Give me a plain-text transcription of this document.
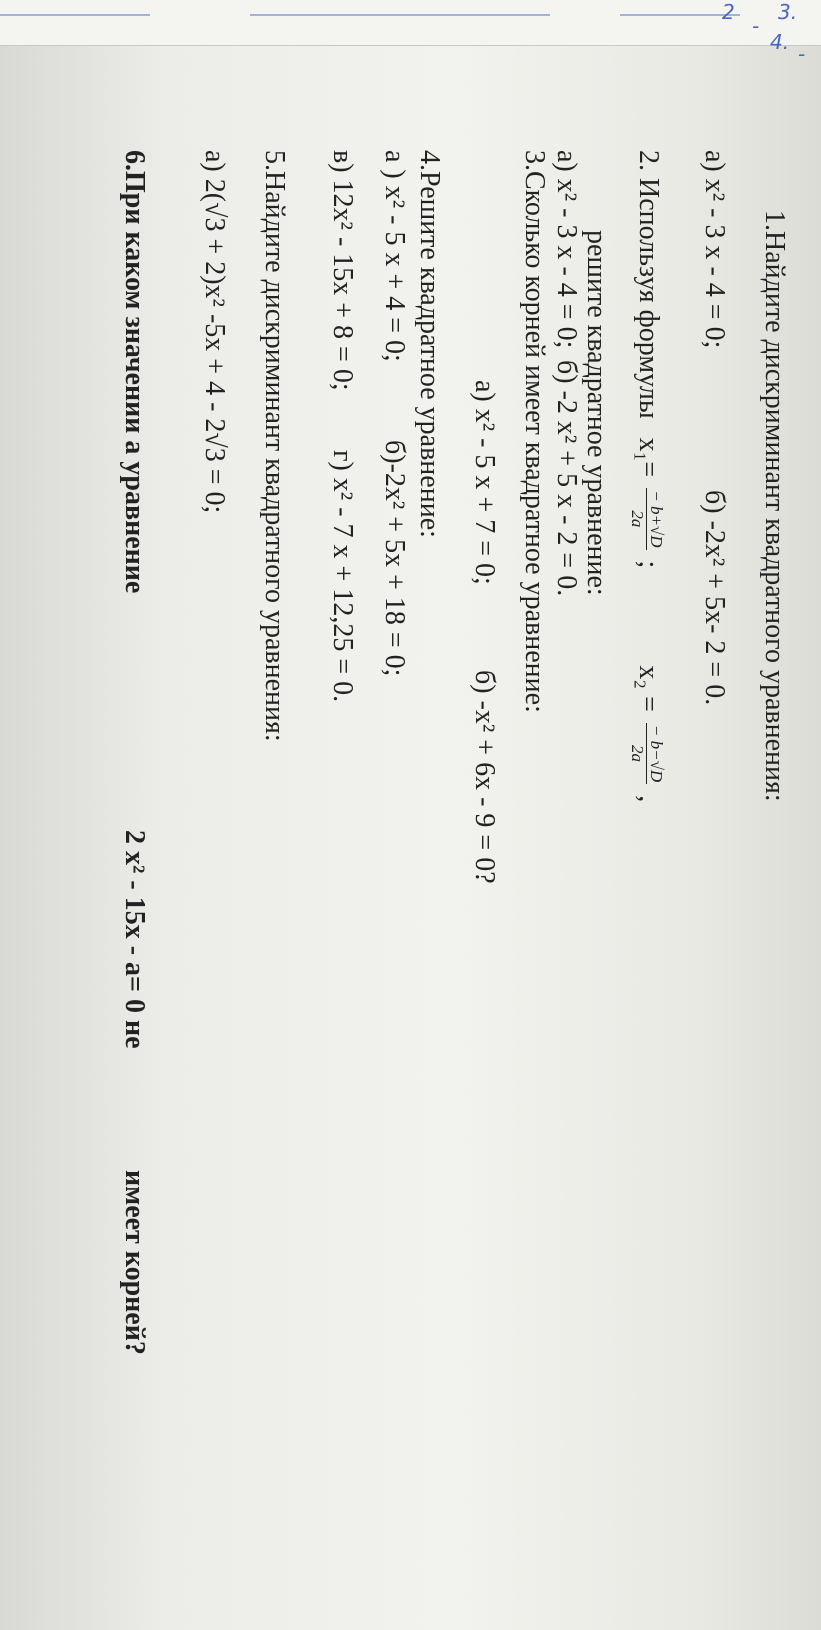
3.
4.
2
-
-
1.Найдите дискриминант квадратного уравнения:
а) x² - 3 x - 4 = 0;
б) -2x² + 5x- 2 = 0.
2. Используя формулы x₁=
− b+√D
2a
; x₂ =
− b−√D
2a
,
решите квадратное уравнение:
а) x² - 3 x - 4 = 0;
б) -2 x² + 5 x - 2 = 0.
3.Сколько корней имеет квадратное уравнение:
а) x² - 5 x + 7 = 0;
б) -x² + 6x - 9 = 0?
4.Решите квадратное уравнение:
а ) x² - 5 x + 4 = 0;
б)-2x² + 5x + 18 = 0;
в) 12x² - 15x + 8 = 0;
г) x² - 7 x + 12,25 = 0.
5.Найдите дискриминант квадратного уравнения:
а) 2(√3 + 2)x² -5x + 4 - 2√3 = 0;
6.При каком значении а уравнение
2 x² - 15x - a= 0 не
имеет корней?
